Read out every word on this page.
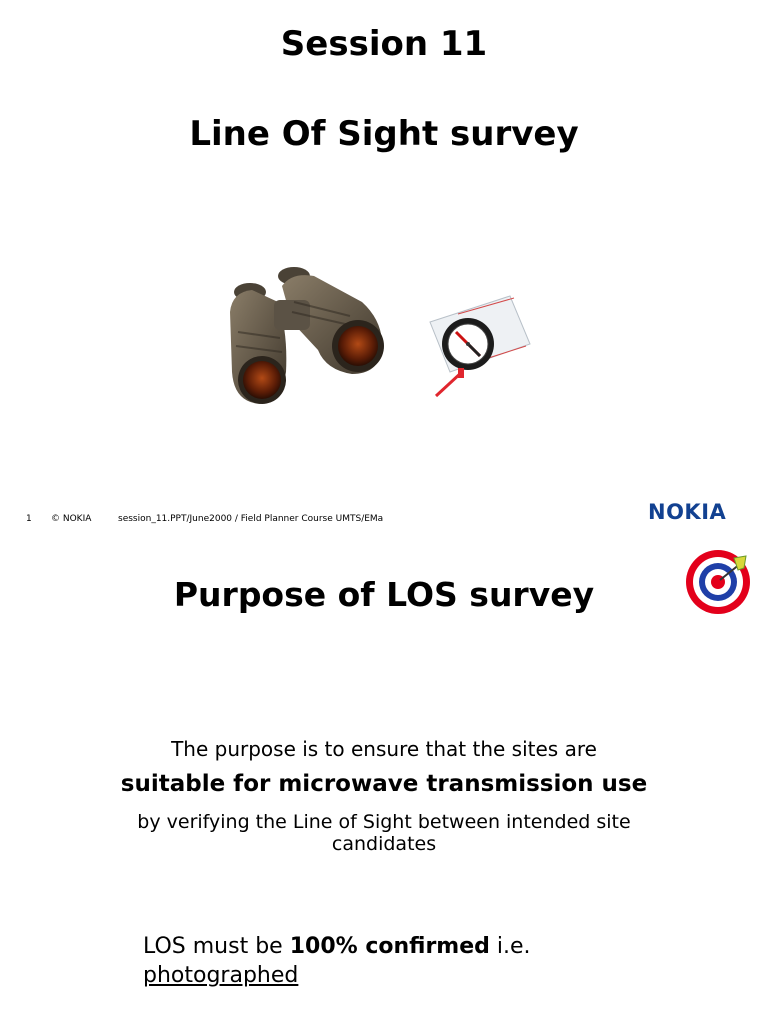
Session 11
Line Of Sight survey
1 © NOKIA	session_11.PPT/June2000 / Field Planner Course UMTS/EMa	NOKIA
Purpose of LOS survey
The purpose is to ensure that the sites are
suitable for microwave transmission use
by verifying the Line of Sight between intended site
candidates
LOS must be 100% confirmed i.e.
photographed
